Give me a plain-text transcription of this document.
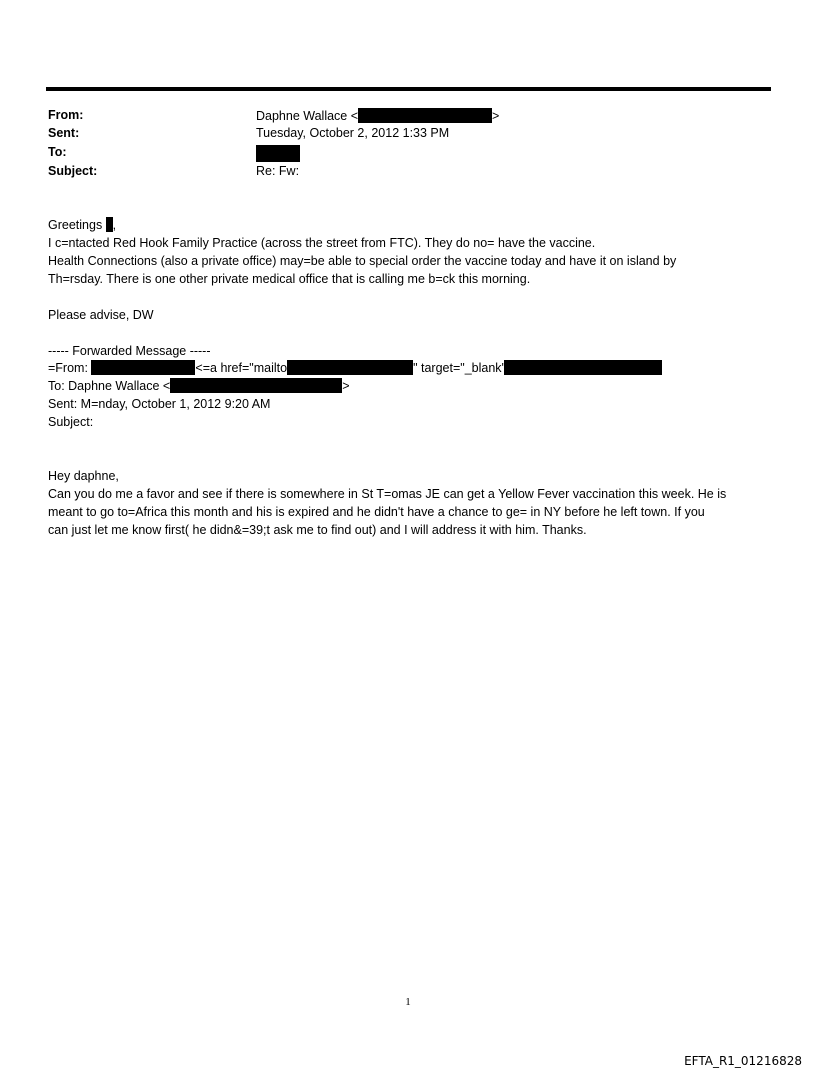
From:	Daphne Wallace <	>
Sent:	Tuesday, October 2, 2012 1:33 PM
To:
Subject:	Re: Fw:
Greetings ,
I c=ntacted Red Hook Family Practice (across the street from FTC). They do no= have the vaccine.
Health Connections (also a private office) may=be able to special order the vaccine today and have it on island by
Th=rsday. There is one other private medical office that is calling me b=ck this morning.
Please advise, DW
----- Forwarded Message -----
=From:	<=a href="mailto	" target="_blank'
To: Daphne Wallace <	>
Sent: M=nday, October 1, 2012 9:20 AM
Subject:
Hey daphne,
Can you do me a favor and see if there is somewhere in St T=omas JE can get a Yellow Fever vaccination this week. He is
meant to go to=Africa this month and his is expired and he didn't have a chance to ge= in NY before he left town. If you
can just let me know first( he didn&=39;t ask me to find out) and I will address it with him. Thanks.
1
EFTA_R1_01216828
